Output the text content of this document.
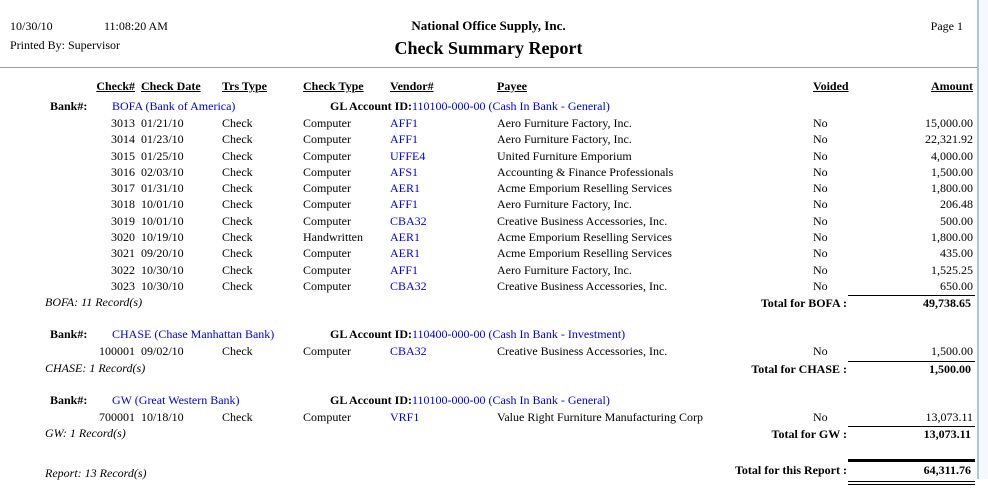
10/30/10	11:08:20 AM	National Office Supply, Inc.	Page 1
Printed By: Supervisor	Check Summary Report
Check# Check Date	Trs Type	Check Type	Vendor#	Payee	Voided	Amount
Bank#: BOFA (Bank of America)	GL Account ID: 110100-000-00 (Cash In Bank - General)
3013 01/21/10	Check	Computer	AFF1	Aero Furniture Factory, Inc.	No	15,000.00
3014 01/23/10	Check	Computer	AFF1	Aero Furniture Factory, Inc.	No	22,321.92
3015 01/25/10	Check	Computer	UFFE4	United Furniture Emporium	No	4,000.00
3016 02/03/10	Check	Computer	AFS1	Accounting & Finance Professionals	No	1,500.00
3017 01/31/10	Check	Computer	AER1	Acme Emporium Reselling Services	No	1,800.00
3018 10/01/10	Check	Computer	AFF1	Aero Furniture Factory, Inc.	No	206.48
3019 10/01/10	Check	Computer	CBA32	Creative Business Accessories, Inc.	No	500.00
3020 10/19/10	Check	Handwritten	AER1	Acme Emporium Reselling Services	No	1,800.00
3021 09/20/10	Check	Computer	AER1	Acme Emporium Reselling Services	No	435.00
3022 10/30/10	Check	Computer	AFF1	Aero Furniture Factory, Inc.	No	1,525.25
3023 10/30/10	Check	Computer	CBA32	Creative Business Accessories, Inc.	No	650.00
BOFA: 11 Record(s)	Total for BOFA :	49,738.65
Bank#: CHASE (Chase Manhattan Bank)	GL Account ID: 110400-000-00 (Cash In Bank - Investment)
100001 09/02/10	Check	Computer	CBA32	Creative Business Accessories, Inc.	No	1,500.00
CHASE: 1 Record(s)	Total for CHASE :	1,500.00
Bank#: GW (Great Western Bank)	GL Account ID: 110100-000-00 (Cash In Bank - General)
700001 10/18/10	Check	Computer	VRF1	Value Right Furniture Manufacturing Corp	No	13,073.11
GW: 1 Record(s)	Total for GW :	13,073.11
Report: 13 Record(s)	Total for this Report :	64,311.76
